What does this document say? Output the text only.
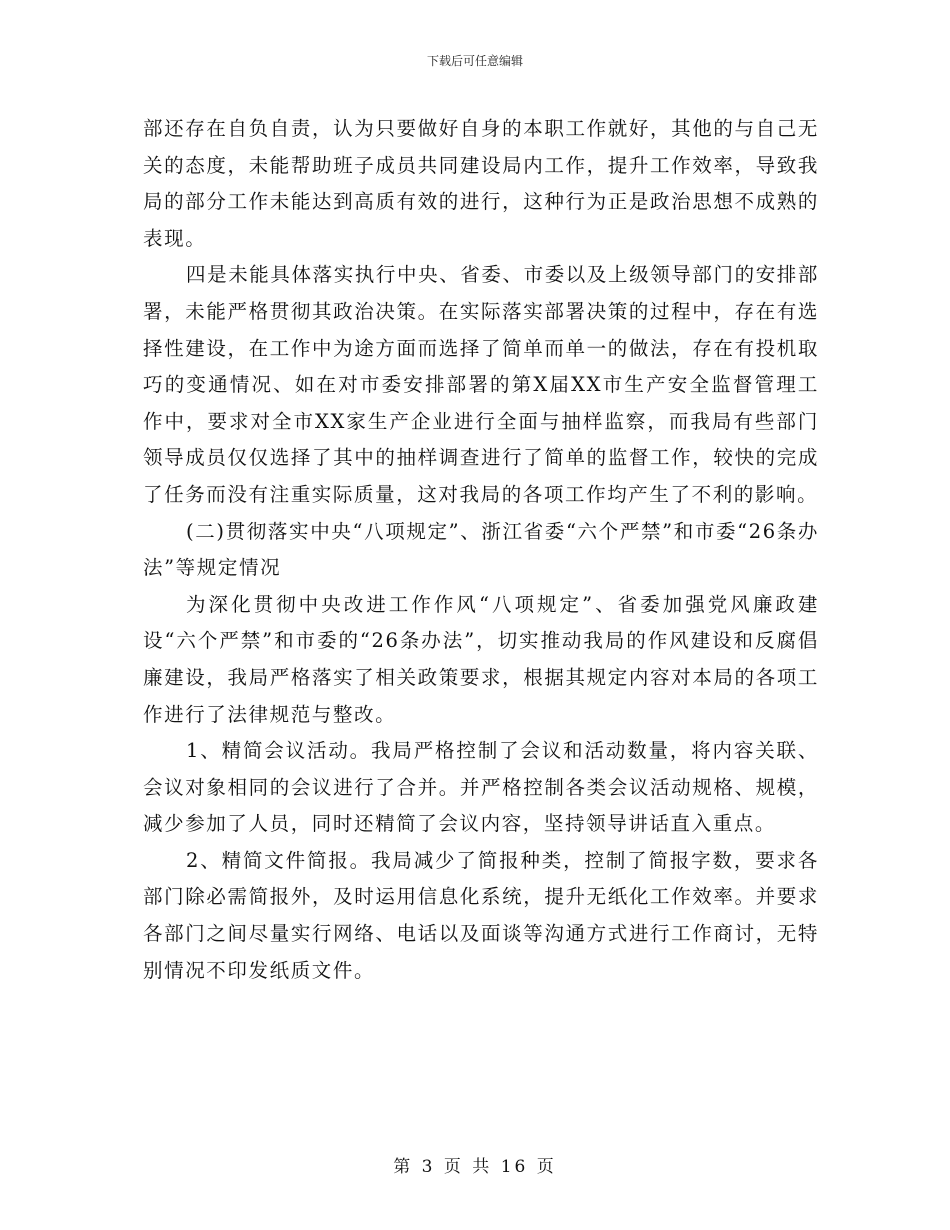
下载后可任意编辑

部还存在自负自责，认为只要做好自身的本职工作就好，其他的与自己无关的态度，未能帮助班子成员共同建设局内工作，提升工作效率，导致我局的部分工作未能达到高质有效的进行，这种行为正是政治思想不成熟的表现。

四是未能具体落实执行中央、省委、市委以及上级领导部门的安排部署，未能严格贯彻其政治决策。在实际落实部署决策的过程中，存在有选择性建设，在工作中为途方面而选择了简单而单一的做法，存在有投机取巧的变通情况、如在对市委安排部署的第X届XX市生产安全监督管理工作中，要求对全市XX家生产企业进行全面与抽样监察，而我局有些部门领导成员仅仅选择了其中的抽样调查进行了简单的监督工作，较快的完成了任务而没有注重实际质量，这对我局的各项工作均产生了不利的影响。

(二)贯彻落实中央“八项规定”、浙江省委“六个严禁”和市委“26条办法”等规定情况

为深化贯彻中央改进工作作风“八项规定”、省委加强党风廉政建设“六个严禁”和市委的“26条办法”，切实推动我局的作风建设和反腐倡廉建设，我局严格落实了相关政策要求，根据其规定内容对本局的各项工作进行了法律规范与整改。

1、精简会议活动。我局严格控制了会议和活动数量，将内容关联、会议对象相同的会议进行了合并。并严格控制各类会议活动规格、规模，减少参加了人员，同时还精简了会议内容，坚持领导讲话直入重点。

2、精简文件简报。我局减少了简报种类，控制了简报字数，要求各部门除必需简报外，及时运用信息化系统，提升无纸化工作效率。并要求各部门之间尽量实行网络、电话以及面谈等沟通方式进行工作商讨，无特别情况不印发纸质文件。

第 3 页 共 16 页
